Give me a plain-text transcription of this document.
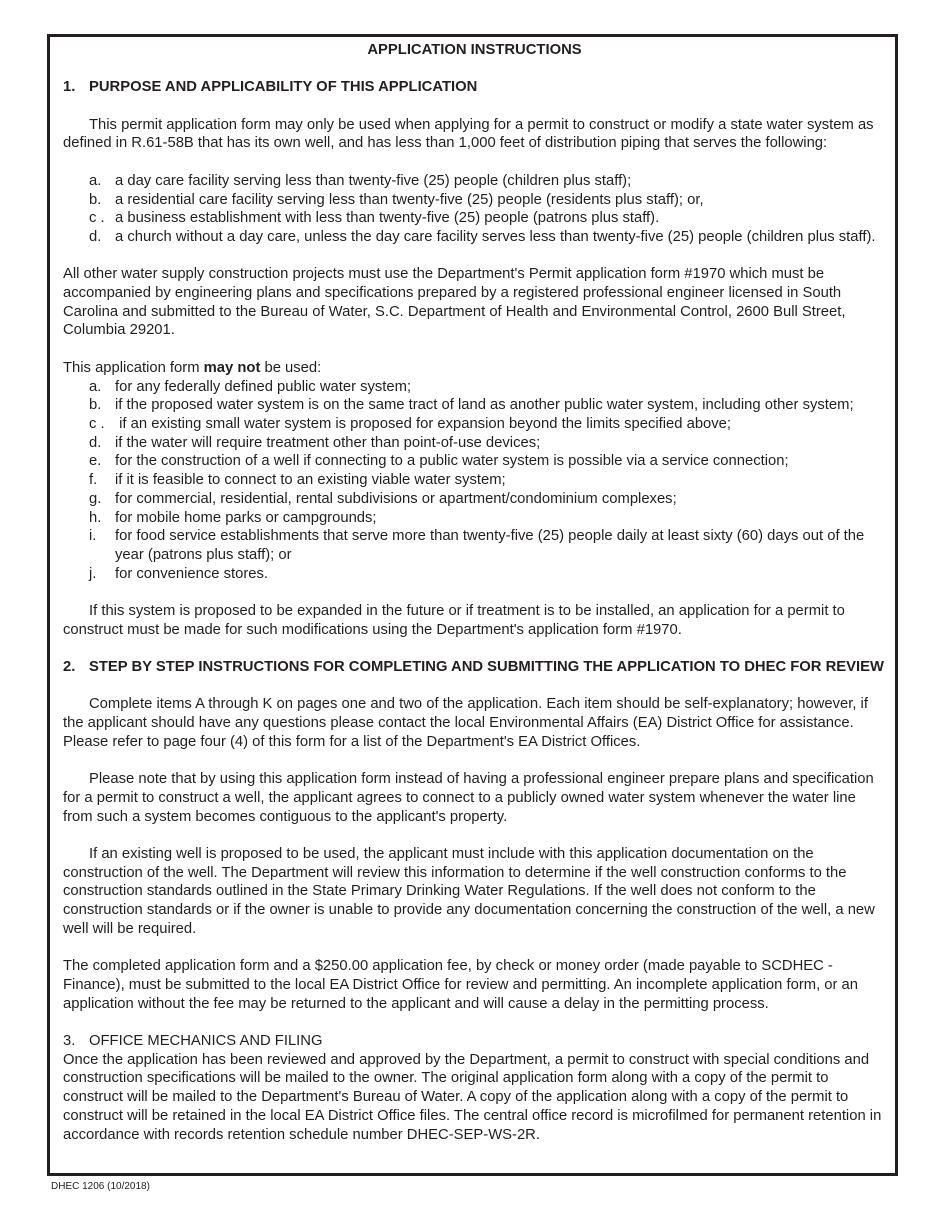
APPLICATION INSTRUCTIONS
1. PURPOSE AND APPLICABILITY OF THIS APPLICATION

This permit application form may only be used when applying for a permit to construct or modify a state water system as defined in R.61-58B that has its own well, and has less than 1,000 feet of distribution piping that serves the following:

a. a day care facility serving less than twenty-five (25) people (children plus staff);
b. a residential care facility serving less than twenty-five (25) people (residents plus staff); or,
c . a business establishment with less than twenty-five (25) people (patrons plus staff).
d. a church without a day care, unless the day care facility serves less than twenty-five (25) people (children plus staff).

All other water supply construction projects must use the Department's Permit application form #1970 which must be accompanied by engineering plans and specifications prepared by a registered professional engineer licensed in South Carolina and submitted to the Bureau of Water, S.C. Department of Health and Environmental Control, 2600 Bull Street, Columbia 29201.

This application form may not be used:

a. for any federally defined public water system;
b. if the proposed water system is on the same tract of land as another public water system, including other system;
c . if an existing small water system is proposed for expansion beyond the limits specified above;
d. if the water will require treatment other than point-of-use devices;
e. for the construction of a well if connecting to a public water system is possible via a service connection;
f.	if it is feasible to connect to an existing viable water system;
g. for commercial, residential, rental subdivisions or apartment/condominium complexes;
h. for mobile home parks or campgrounds;
i.	for food service establishments that serve more than twenty-five (25) people daily at least sixty (60) days out of the year (patrons plus staff); or
j.	for convenience stores.

If this system is proposed to be expanded in the future or if treatment is to be installed, an application for a permit to construct must be made for such modifications using the Department's application form #1970.

2. STEP BY STEP INSTRUCTIONS FOR COMPLETING AND SUBMITTING THE APPLICATION TO DHEC FOR REVIEW

Complete items A through K on pages one and two of the application. Each item should be self-explanatory; however, if the applicant should have any questions please contact the local Environmental Affairs (EA) District Office for assistance. Please refer to page four (4) of this form for a list of the Department's EA District Offices.

Please note that by using this application form instead of having a professional engineer prepare plans and specification for a permit to construct a well, the applicant agrees to connect to a publicly owned water system whenever the water line from such a system becomes contiguous to the applicant's property.

If an existing well is proposed to be used, the applicant must include with this application documentation on the construction of the well. The Department will review this information to determine if the well construction conforms to the construction standards outlined in the State Primary Drinking Water Regulations. If the well does not conform to the construction standards or if the owner is unable to provide any documentation concerning the construction of the well, a new well will be required.

The completed application form and a $250.00 application fee, by check or money order (made payable to SCDHEC - Finance), must be submitted to the local EA District Office for review and permitting. An incomplete application form, or an application without the fee may be returned to the applicant and will cause a delay in the permitting process.

3. OFFICE MECHANICS AND FILING

Once the application has been reviewed and approved by the Department, a permit to construct with special conditions and construction specifications will be mailed to the owner. The original application form along with a copy of the permit to construct will be mailed to the Department's Bureau of Water. A copy of the application along with a copy of the permit to construct will be retained in the local EA District Office files. The central office record is microfilmed for permanent retention in accordance with records retention schedule number DHEC-SEP-WS-2R.

DHEC 1206 (10/2018)
